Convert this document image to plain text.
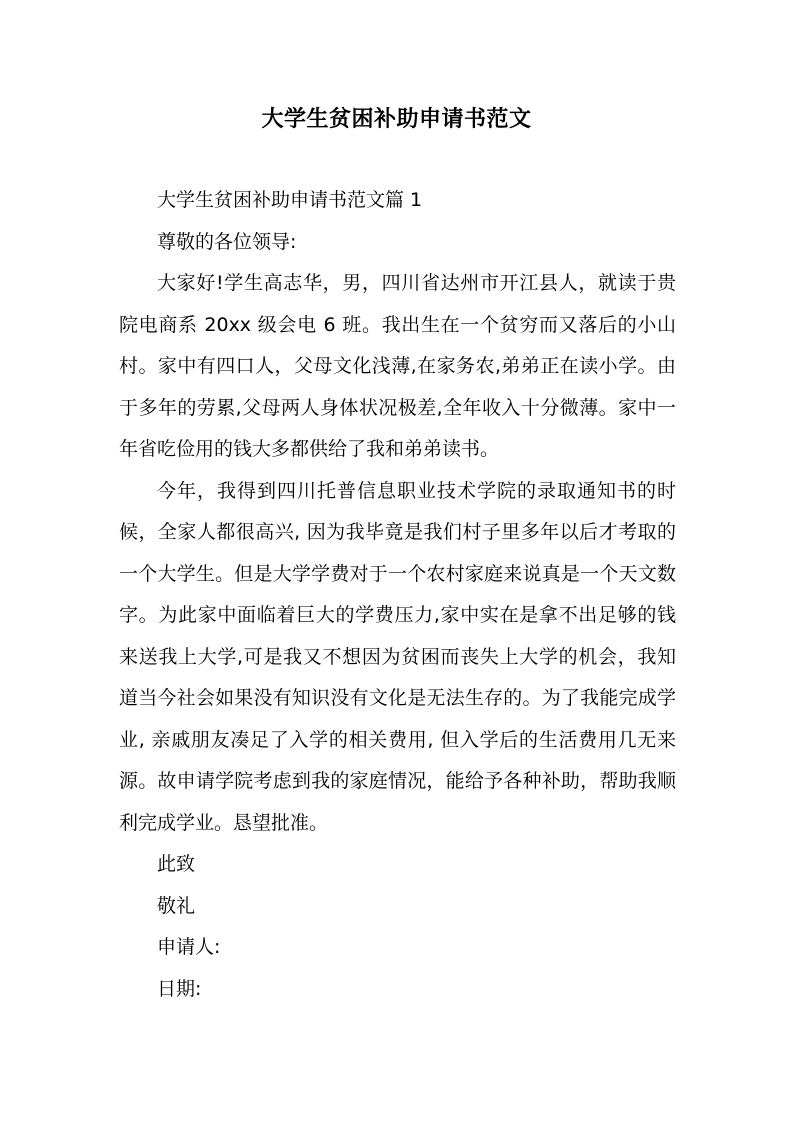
大学生贫困补助申请书范文

大学生贫困补助申请书范文篇 1

尊敬的各位领导:

大家好!学生高志华，男，四川省达州市开江县人，就读于贵院电商系 20xx 级会电 6 班。我出生在一个贫穷而又落后的小山村。家中有四口人，父母文化浅薄,在家务农,弟弟正在读小学。由于多年的劳累,父母两人身体状况极差,全年收入十分微薄。家中一年省吃俭用的钱大多都供给了我和弟弟读书。

今年，我得到四川托普信息职业技术学院的录取通知书的时候，全家人都很高兴, 因为我毕竟是我们村子里多年以后才考取的一个大学生。但是大学学费对于一个农村家庭来说真是一个天文数字。为此家中面临着巨大的学费压力,家中实在是拿不出足够的钱来送我上大学,可是我又不想因为贫困而丧失上大学的机会，我知道当今社会如果没有知识没有文化是无法生存的。为了我能完成学业, 亲戚朋友凑足了入学的相关费用, 但入学后的生活费用几无来源。故申请学院考虑到我的家庭情况，能给予各种补助，帮助我顺利完成学业。恳望批准。

此致

敬礼

申请人:

日期:
